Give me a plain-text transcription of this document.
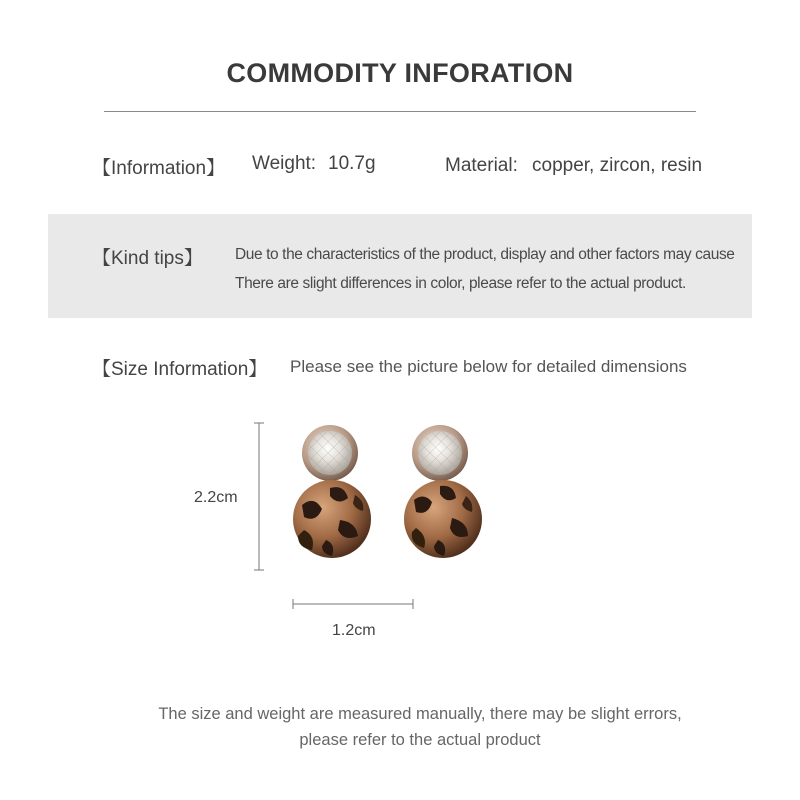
COMMODITY INFORATION
【Information】 Weight: 10.7g	Material: copper, zircon, resin
【Kind tips】 Due to the characteristics of the product, display and other factors may cause
There are slight differences in color, please refer to the actual product.
【Size Information】 Please see the picture below for detailed dimensions
2.2cm
1.2cm
The size and weight are measured manually, there may be slight errors,
please refer to the actual product
